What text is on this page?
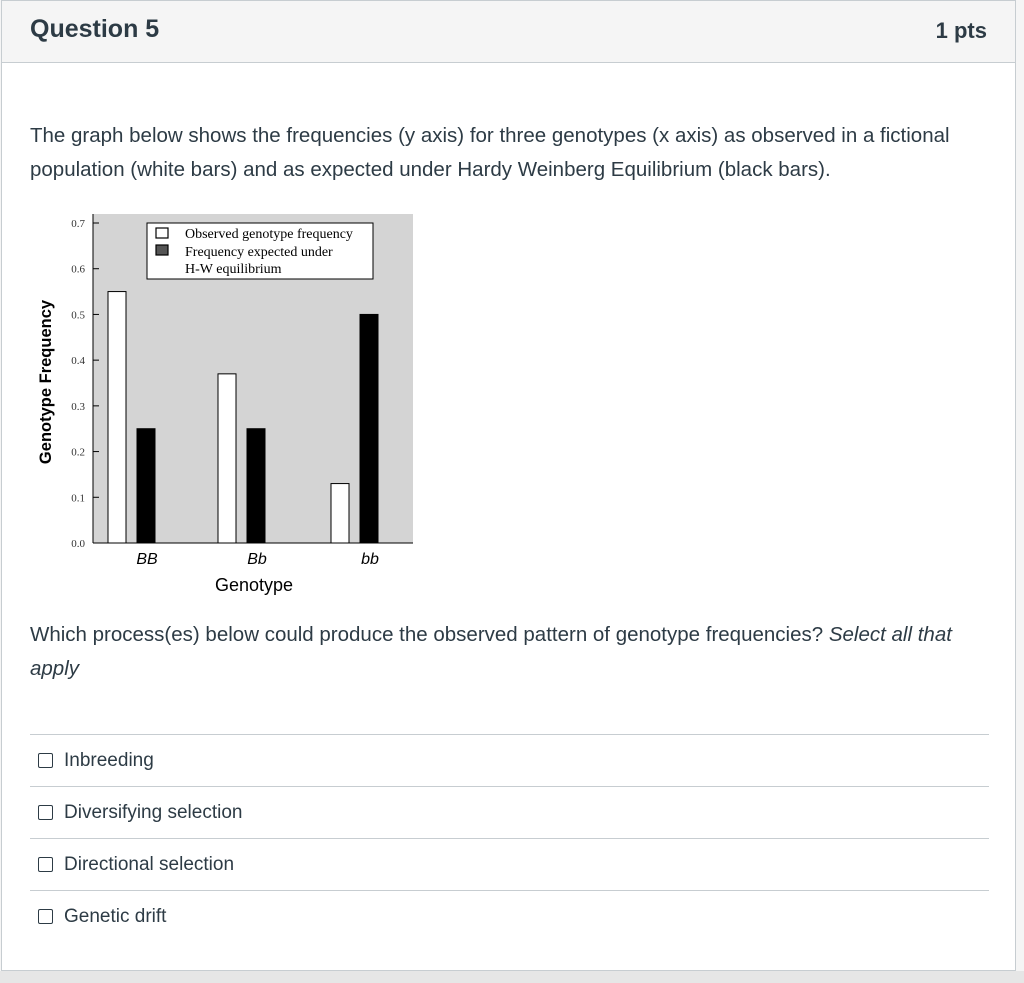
Question 5	1 pts
The graph below shows the frequencies (y axis) for three genotypes (x axis) as observed in a fictional population (white bars) and as expected under Hardy Weinberg Equilibrium (black bars).
0.0
0.1
0.2
0.3
0.4
0.5
0.6
0.7
BB	Bb	bb
Genotype
Genotype Frequency
Observed genotype frequency
Frequency expected under
H-W equilibrium
Which process(es) below could produce the observed pattern of genotype frequencies? Select all that apply
Inbreeding
Diversifying selection
Directional selection
Genetic drift
